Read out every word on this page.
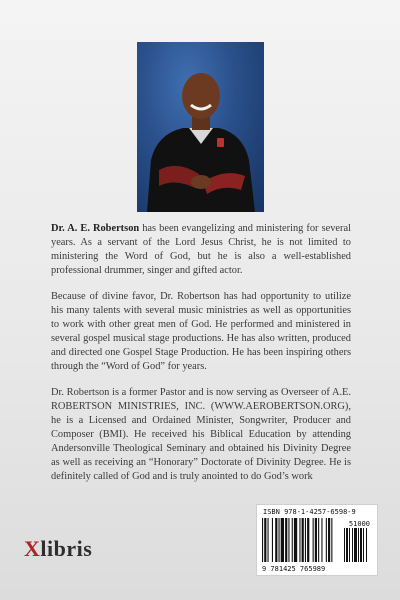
Dr. A. E. Robertson has been evangelizing and ministering for several years. As a servant of the Lord Jesus Christ, he is not limited to ministering the Word of God, but he is also a well-established professional drummer, singer and gifted actor.

Because of divine favor, Dr. Robertson has had opportunity to utilize his many talents with several music ministries as well as opportunities to work with other great men of God. He performed and ministered in several gospel musical stage productions. He has also written, produced and directed one Gospel Stage Production. He has been inspiring others through the “Word of God” for years.

Dr. Robertson is a former Pastor and is now serving as Overseer of A.E. ROBERTSON MINISTRIES, INC. (WWW.AEROBERTSON.ORG), he is a Licensed and Ordained Minister, Songwriter, Producer and Composer (BMI). He received his Biblical Education by attending Andersonville Theological Seminary and obtained his Divinity Degree as well as receiving an “Honorary” Doctorate of Divinity Degree. He is definitely called of God and is truly anointed to do God’s work

Xlibris
ISBN 978-1-4257-6598-9
51000
9 781425 765989
